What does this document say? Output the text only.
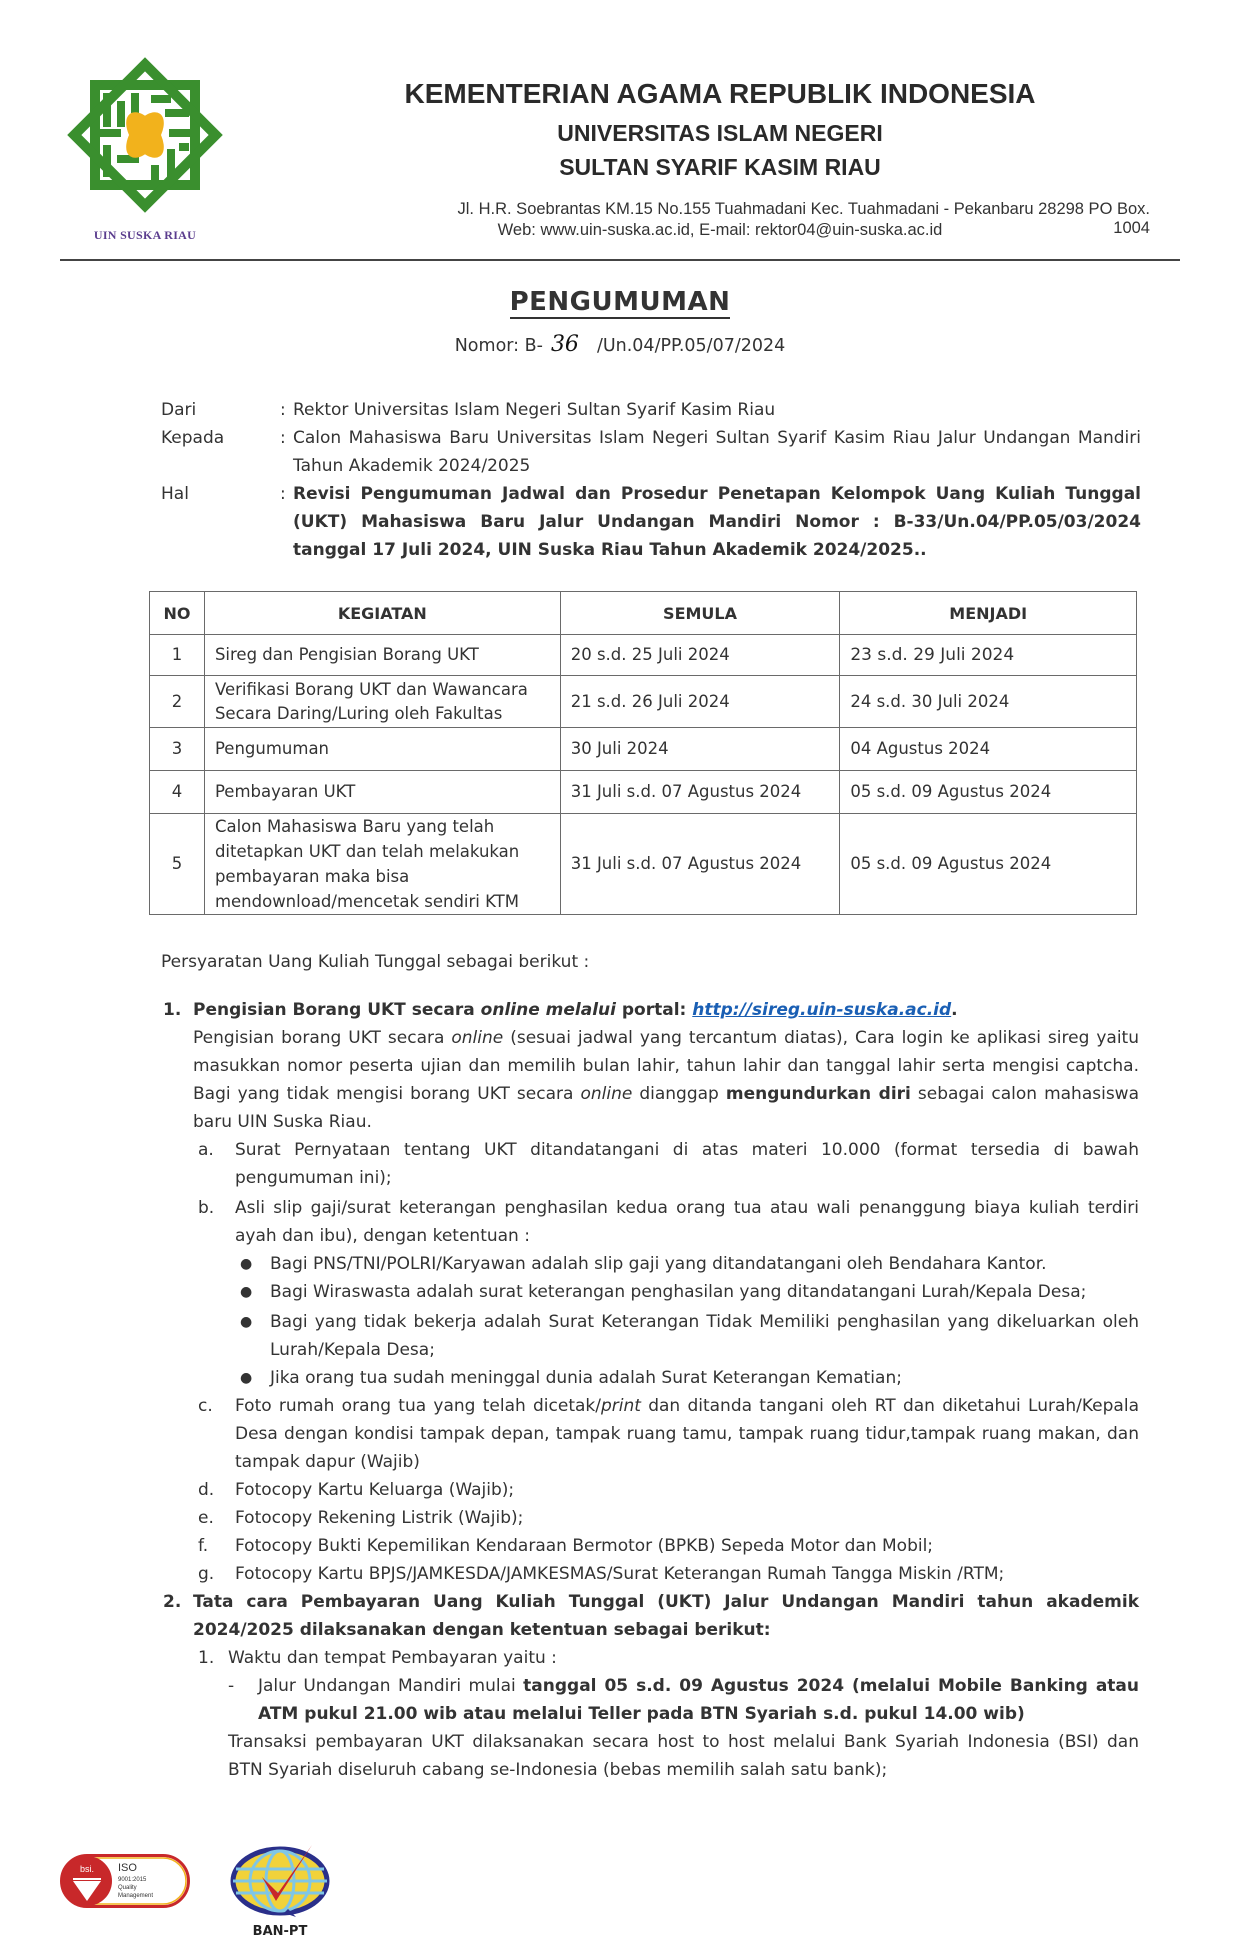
UIN SUSKA RIAU
KEMENTERIAN AGAMA REPUBLIK INDONESIA
UNIVERSITAS ISLAM NEGERI
SULTAN SYARIF KASIM RIAU
Jl. H.R. Soebrantas KM.15 No.155 Tuahmadani Kec. Tuahmadani - Pekanbaru 28298 PO Box. 1004
Web: www.uin-suska.ac.id, E-mail: rektor04@uin-suska.ac.id
PENGUMUMAN
Nomor: B- 36 /Un.04/PP.05/07/2024
Dari	: Rektor Universitas Islam Negeri Sultan Syarif Kasim Riau
Kepada	: Calon Mahasiswa Baru Universitas Islam Negeri Sultan Syarif Kasim Riau Jalur Undangan Mandiri Tahun Akademik 2024/2025
Hal	: Revisi Pengumuman Jadwal dan Prosedur Penetapan Kelompok Uang Kuliah Tunggal (UKT) Mahasiswa Baru Jalur Undangan Mandiri Nomor : B-33/Un.04/PP.05/03/2024 tanggal 17 Juli 2024, UIN Suska Riau Tahun Akademik 2024/2025..
NO	KEGIATAN	SEMULA	MENJADI
1	Sireg dan Pengisian Borang UKT	20 s.d. 25 Juli 2024	23 s.d. 29 Juli 2024
2	Verifikasi Borang UKT dan Wawancara Secara Daring/Luring oleh Fakultas	21 s.d. 26 Juli 2024	24 s.d. 30 Juli 2024
3	Pengumuman	30 Juli 2024	04 Agustus 2024
4	Pembayaran UKT	31 Juli s.d. 07 Agustus 2024	05 s.d. 09 Agustus 2024
5	Calon Mahasiswa Baru yang telah ditetapkan UKT dan telah melakukan pembayaran maka bisa mendownload/mencetak sendiri KTM	31 Juli s.d. 07 Agustus 2024	05 s.d. 09 Agustus 2024
Persyaratan Uang Kuliah Tunggal sebagai berikut :
1. Pengisian Borang UKT secara online melalui portal: http://sireg.uin-suska.ac.id.
Pengisian borang UKT secara online (sesuai jadwal yang tercantum diatas), Cara login ke aplikasi sireg yaitu masukkan nomor peserta ujian dan memilih bulan lahir, tahun lahir dan tanggal lahir serta mengisi captcha. Bagi yang tidak mengisi borang UKT secara online dianggap mengundurkan diri sebagai calon mahasiswa baru UIN Suska Riau.
a. Surat Pernyataan tentang UKT ditandatangani di atas materi 10.000 (format tersedia di bawah pengumuman ini);
b. Asli slip gaji/surat keterangan penghasilan kedua orang tua atau wali penanggung biaya kuliah terdiri ayah dan ibu), dengan ketentuan :
● Bagi PNS/TNI/POLRI/Karyawan adalah slip gaji yang ditandatangani oleh Bendahara Kantor.
● Bagi Wiraswasta adalah surat keterangan penghasilan yang ditandatangani Lurah/Kepala Desa;
● Bagi yang tidak bekerja adalah Surat Keterangan Tidak Memiliki penghasilan yang dikeluarkan oleh Lurah/Kepala Desa;
● Jika orang tua sudah meninggal dunia adalah Surat Keterangan Kematian;
c. Foto rumah orang tua yang telah dicetak/print dan ditanda tangani oleh RT dan diketahui Lurah/Kepala Desa dengan kondisi tampak depan, tampak ruang tamu, tampak ruang tidur,tampak ruang makan, dan tampak dapur (Wajib)
d. Fotocopy Kartu Keluarga (Wajib);
e. Fotocopy Rekening Listrik (Wajib);
f. Fotocopy Bukti Kepemilikan Kendaraan Bermotor (BPKB) Sepeda Motor dan Mobil;
g. Fotocopy Kartu BPJS/JAMKESDA/JAMKESMAS/Surat Keterangan Rumah Tangga Miskin /RTM;
2. Tata cara Pembayaran Uang Kuliah Tunggal (UKT) Jalur Undangan Mandiri tahun akademik 2024/2025 dilaksanakan dengan ketentuan sebagai berikut:
1. Waktu dan tempat Pembayaran yaitu :
- Jalur Undangan Mandiri mulai tanggal 05 s.d. 09 Agustus 2024 (melalui Mobile Banking atau ATM pukul 21.00 wib atau melalui Teller pada BTN Syariah s.d. pukul 14.00 wib)
Transaksi pembayaran UKT dilaksanakan secara host to host melalui Bank Syariah Indonesia (BSI) dan BTN Syariah diseluruh cabang se-Indonesia (bebas memilih salah satu bank);
bsi. ISO
9001:2015
Quality
Management
BAN-PT
